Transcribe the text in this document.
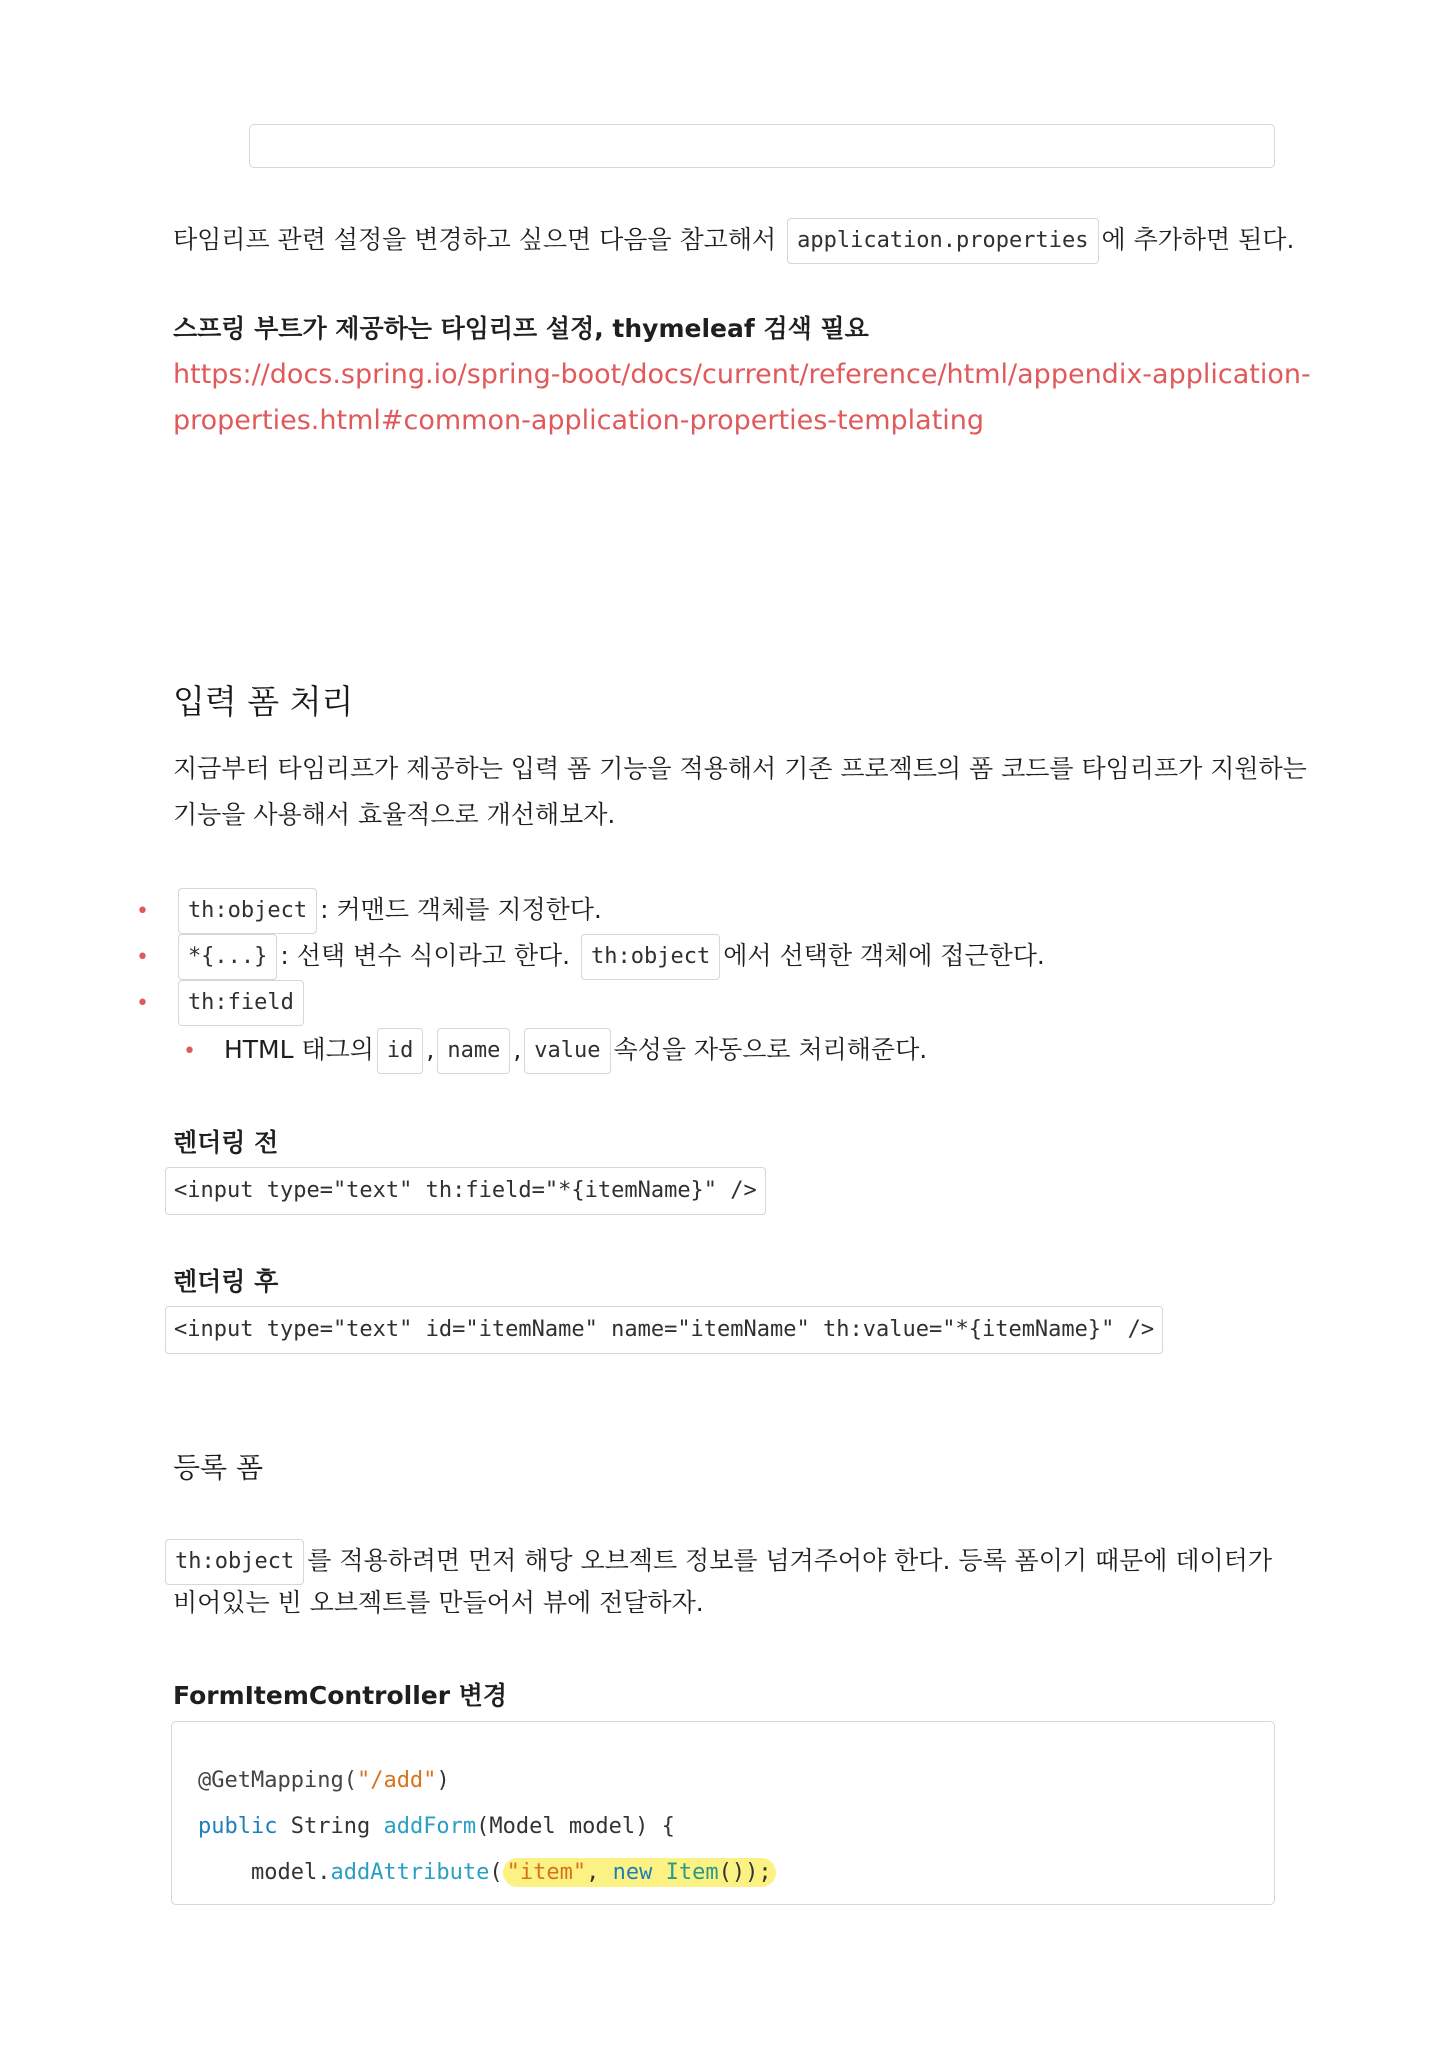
타임리프 관련 설정을 변경하고 싶으면 다음을 참고해서 application.properties 에 추가하면 된다.
스프링 부트가 제공하는 타임리프 설정, thymeleaf 검색 필요
https://docs.spring.io/spring-boot/docs/current/reference/html/appendix-application-
properties.html#common-application-properties-templating
입력 폼 처리
지금부터 타임리프가 제공하는 입력 폼 기능을 적용해서 기존 프로젝트의 폼 코드를 타임리프가 지원하는
기능을 사용해서 효율적으로 개선해보자.
• th:object : 커맨드 객체를 지정한다.
• *{...} : 선택 변수 식이라고 한다. th:object 에서 선택한 객체에 접근한다.
• th:field
• HTML 태그의 id , name , value 속성을 자동으로 처리해준다.
렌더링 전
<input type="text" th:field="*{itemName}" />
렌더링 후
<input type="text" id="itemName" name="itemName" th:value="*{itemName}" />
등록 폼
th:object 를 적용하려면 먼저 해당 오브젝트 정보를 넘겨주어야 한다. 등록 폼이기 때문에 데이터가
비어있는 빈 오브젝트를 만들어서 뷰에 전달하자.
FormItemController 변경
@GetMapping("/add")
public String addForm(Model model) {
model.addAttribute( "item", new Item());
